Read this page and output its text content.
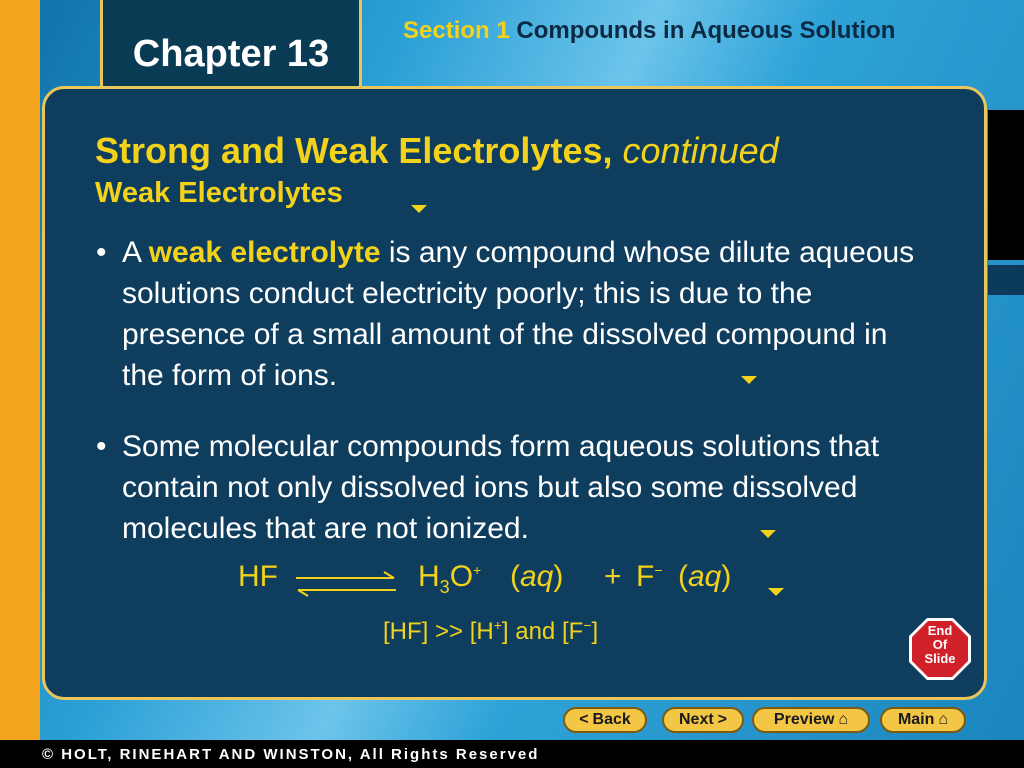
Chapter 13
Section 1 Compounds in Aqueous Solution
Strong and Weak Electrolytes, continued
Weak Electrolytes
• A weak electrolyte is any compound whose dilute aqueous solutions conduct electricity poorly; this is due to the presence of a small amount of the dissolved compound in the form of ions.
• Some molecular compounds form aqueous solutions that contain not only dissolved ions but also some dissolved molecules that are not ionized.
HF ⇌ $H_3O^+$ (aq) + F− (aq)
[HF] >> [H+] and [F−]	End
Of
Slide
< Back	Next >	Preview ⌂	Main ⌂
© HOLT, RINEHART AND WINSTON, All Rights Reserved
